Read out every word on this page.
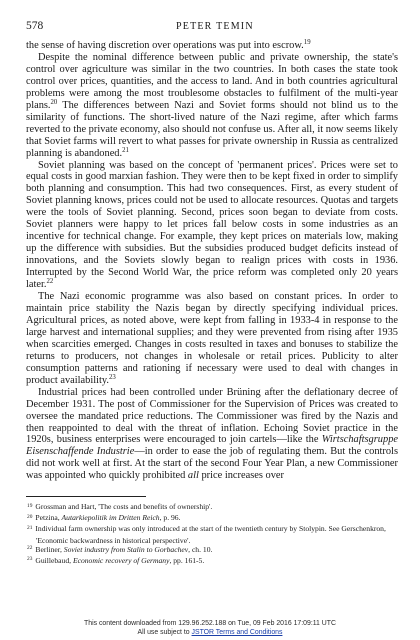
578	PETER TEMIN

the sense of having discretion over operations was put into escrow.$^{19}$

Despite the nominal difference between public and private ownership, the state's control over agriculture was similar in the two countries. In both cases the state took control over prices, quantities, and the access to land. And in both countries agricultural problems were among the most troublesome obstacles to fulfilment of the multi-year plans.$^{20}$ The differences between Nazi and Soviet forms should not blind us to the similarity of functions. The short-lived nature of the Nazi regime, after which farms reverted to the private economy, also should not confuse us. After all, it now seems likely that Soviet farms will revert to what passes for private ownership in Russia as centralized planning is abandoned.$^{21}$

Soviet planning was based on the concept of 'permanent prices'. Prices were set to equal costs in good marxian fashion. They were then to be kept fixed in order to simplify both planning and consumption. This had two consequences. First, as every student of Soviet planning knows, prices could not be used to allocate resources. Quotas and targets were the tools of Soviet planning. Second, prices soon began to deviate from costs. Soviet planners were happy to let prices fall below costs in some industries as an incentive for technical change. For example, they kept prices on materials low, making up the difference with subsidies. But the subsidies produced budget deficits instead of innovations, and the Soviets slowly began to realign prices with costs in 1936. Interrupted by the Second World War, the price reform was completed only 20 years later.$^{22}$

The Nazi economic programme was also based on constant prices. In order to maintain price stability the Nazis began by directly specifying individual prices. Agricultural prices, as noted above, were kept from falling in 1933-4 in response to the large harvest and international supplies; and they were prevented from rising after 1935 when scarcities emerged. Changes in costs resulted in taxes and bonuses to stabilize the returns to producers, not changes in wholesale or retail prices. Publicity to alter consumption patterns and rationing if necessary were used to deal with changes in product availability.$^{23}$

Industrial prices had been controlled under Brüning after the deflationary decree of December 1931. The post of Commissioner for the Supervision of Prices was created to oversee the mandated price reductions. The Commissioner was fired by the Nazis and then reappointed to deal with the threat of inflation. Echoing Soviet practice in the 1920s, business enterprises were encouraged to join cartels—like the Wirtschaftsgruppe Eisenschaffende Industrie—in order to ease the job of regulating them. But the controls did not work well at first. At the start of the second Four Year Plan, a new Commissioner was appointed who quickly prohibited all price increases over

$^{19}$ Grossman and Hart, 'The costs and benefits of ownership'.

$^{20}$ Petzina, Autarkiepolitik im Dritten Reich, p. 96.

$^{21}$ Individual farm ownership was only introduced at the start of the twentieth century by Stolypin. See Gerschenkron, 'Economic backwardness in historical perspective'.

$^{22}$ Berliner, Soviet industry from Stalin to Gorbachev, ch. 10.

$^{23}$ Guillebaud, Economic recovery of Germany, pp. 161-5.

This content downloaded from 129.96.252.188 on Tue, 09 Feb 2016 17:09:11 UTC
All use subject to JSTOR Terms and Conditions
